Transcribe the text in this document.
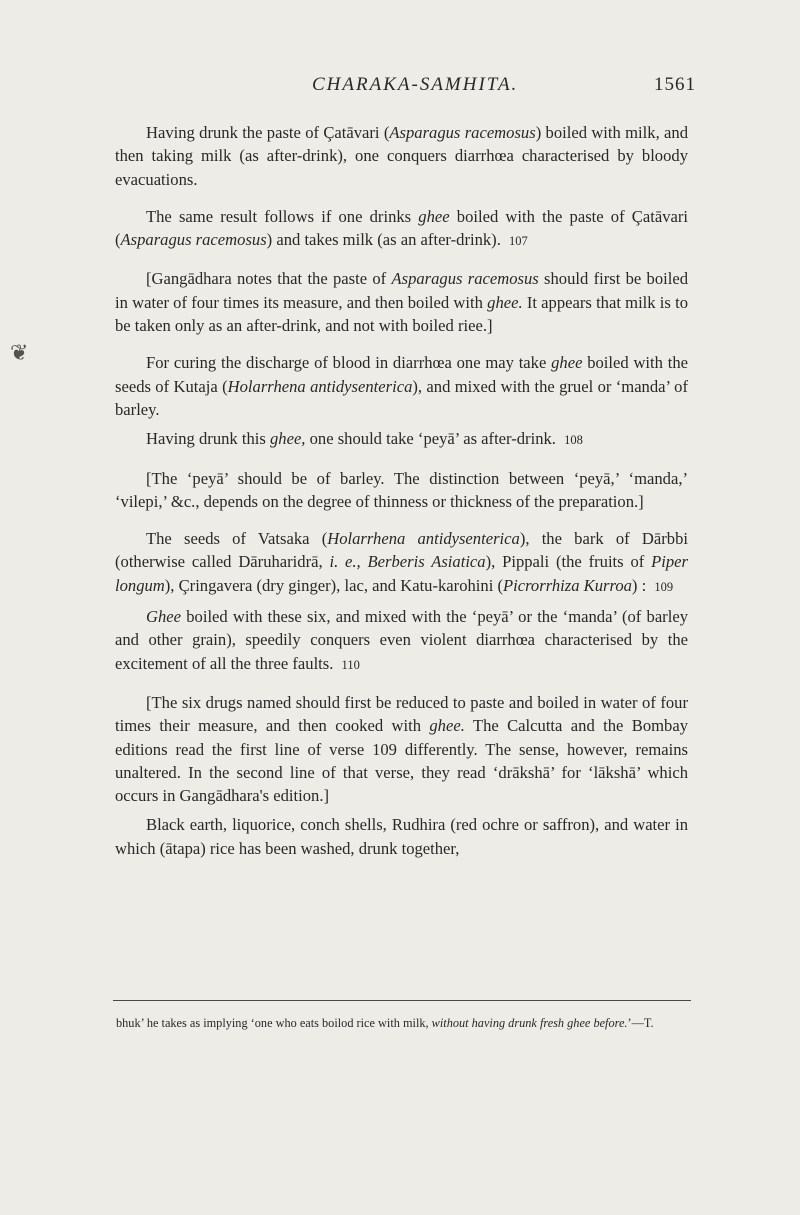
CHARAKA-SAMHITA.	1561
❦

Having drunk the paste of Çatāvari (Asparagus racemosus) boiled with milk, and then taking milk (as after-drink), one conquers diarrhœa characterised by bloody evacuations.

The same result follows if one drinks ghee boiled with the paste of Çatāvari (Asparagus racemosus) and takes milk (as an after-drink). 107

[Gangādhara notes that the paste of Asparagus racemosus should first be boiled in water of four times its measure, and then boiled with ghee. It appears that milk is to be taken only as an after-drink, and not with boiled riee.]

For curing the discharge of blood in diarrhœa one may take ghee boiled with the seeds of Kutaja (Holarrhena antidysenterica), and mixed with the gruel or ‘manda’ of barley.

Having drunk this ghee, one should take ‘peyā’ as after-drink. 108

[The ‘peyā’ should be of barley. The distinction between ‘peyā,’ ‘manda,’ ‘vilepi,’ &c., depends on the degree of thinness or thickness of the preparation.]

The seeds of Vatsaka (Holarrhena antidysenterica), the bark of Dārbbi (otherwise called Dāruharidrā, i. e., Berberis Asiatica), Pippali (the fruits of Piper longum), Çringavera (dry ginger), lac, and Katu-karohini (Picrorrhiza Kurroa) : 109

Ghee boiled with these six, and mixed with the ‘peyā’ or the ‘manda’ (of barley and other grain), speedily conquers even violent diarrhœa characterised by the excitement of all the three faults. 110

[The six drugs named should first be reduced to paste and boiled in water of four times their measure, and then cooked with ghee. The Calcutta and the Bombay editions read the first line of verse 109 differently. The sense, however, remains unaltered. In the second line of that verse, they read ‘drākshā’ for ‘lākshā’ which occurs in Gangādhara's edition.]

Black earth, liquorice, conch shells, Rudhira (red ochre or saffron), and water in which (ātapa) rice has been washed, drunk together,

bhuk’ he takes as implying ‘one who eats boilod rice with milk, without having drunk fresh ghee before.’—T.
